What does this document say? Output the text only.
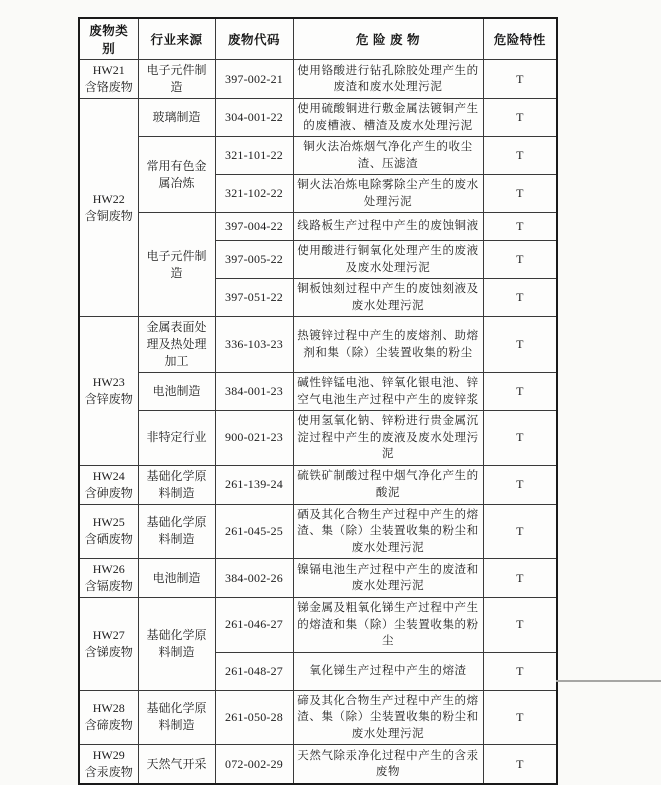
废物类别	行业来源	废物代码	危 险 废 物	危险特性

HW21
含铬废物	电子元件制造	397-002-21	使用铬酸进行钻孔除胶处理产生的废渣和废水处理污泥	T

HW22
含铜废物	玻璃制造	304-001-22	使用硫酸铜进行敷金属法镀铜产生的废槽液、槽渣及废水处理污泥	T
	常用有色金属冶炼	321-101-22	铜火法冶炼烟气净化产生的收尘渣、压滤渣	T
		321-102-22	铜火法冶炼电除雾除尘产生的废水处理污泥	T
	电子元件制造	397-004-22	线路板生产过程中产生的废蚀铜液	T
		397-005-22	使用酸进行铜氧化处理产生的废液及废水处理污泥	T
		397-051-22	铜板蚀刻过程中产生的废蚀刻液及废水处理污泥	T

HW23
含锌废物	金属表面处理及热处理加工	336-103-23	热镀锌过程中产生的废熔剂、助熔剂和集（除）尘装置收集的粉尘	T
	电池制造	384-001-23	碱性锌锰电池、锌氧化银电池、锌空气电池生产过程中产生的废锌浆	T
	非特定行业	900-021-23	使用氢氧化钠、锌粉进行贵金属沉淀过程中产生的废液及废水处理污泥	T

HW24
含砷废物	基础化学原料制造	261-139-24	硫铁矿制酸过程中烟气净化产生的酸泥	T

HW25
含硒废物	基础化学原料制造	261-045-25	硒及其化合物生产过程中产生的熔渣、集（除）尘装置收集的粉尘和废水处理污泥	T

HW26
含镉废物	电池制造	384-002-26	镍镉电池生产过程中产生的废渣和废水处理污泥	T

HW27
含锑废物	基础化学原料制造	261-046-27	锑金属及粗氧化锑生产过程中产生的熔渣和集（除）尘装置收集的粉尘	T
		261-048-27	氧化锑生产过程中产生的熔渣	T

HW28
含碲废物	基础化学原料制造	261-050-28	碲及其化合物生产过程中产生的熔渣、集（除）尘装置收集的粉尘和废水处理污泥	T

HW29
含汞废物	天然气开采	072-002-29	天然气除汞净化过程中产生的含汞废物	T
